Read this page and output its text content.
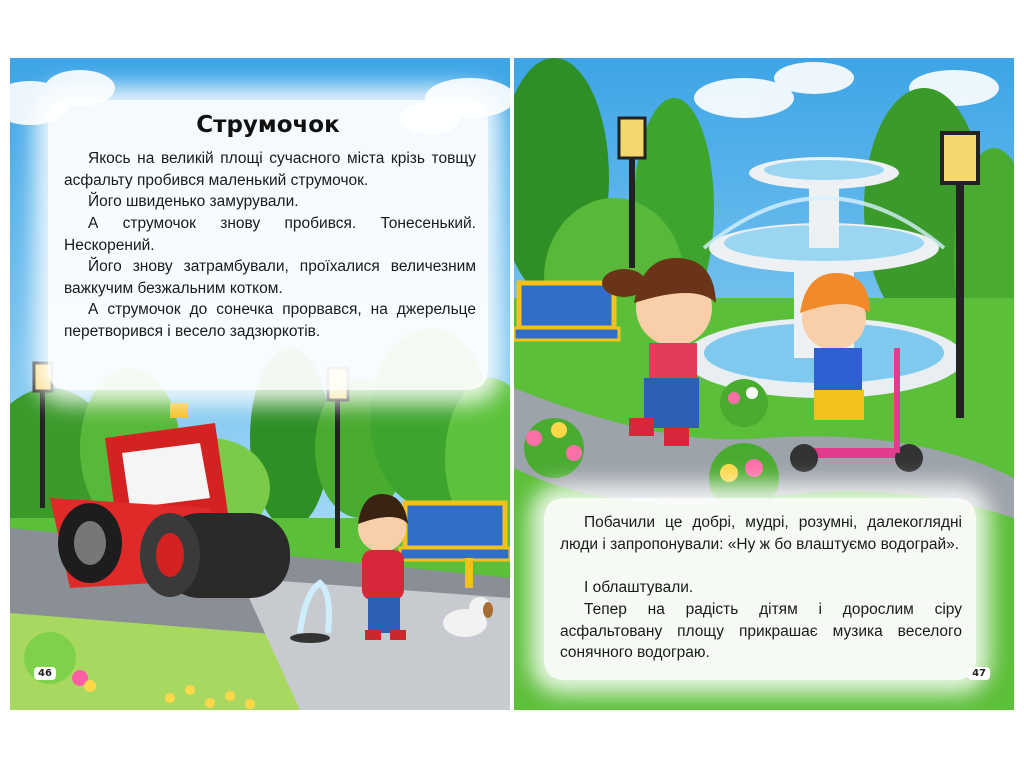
Струмочок

Якось на великій площі сучасного міста крізь товщу асфальту пробився маленький струмочок.

Його швиденько замурували.

А струмочок знову пробився. Тонесенький. Нескорений.

Його знову затрамбували, проїхалися величезним важкучим безжальним котком.

А струмочок до сонечка прорвався, на джерельце перетворився і весело задзюркотів.

46

Побачили це добрі, мудрі, розумні, далекоглядні люди і запропонували: «Ну ж бо влаштуємо водограй».

І облаштували.

Тепер на радість дітям і дорослим сіру асфальтовану площу прикрашає музика веселого сонячного водограю.

47
